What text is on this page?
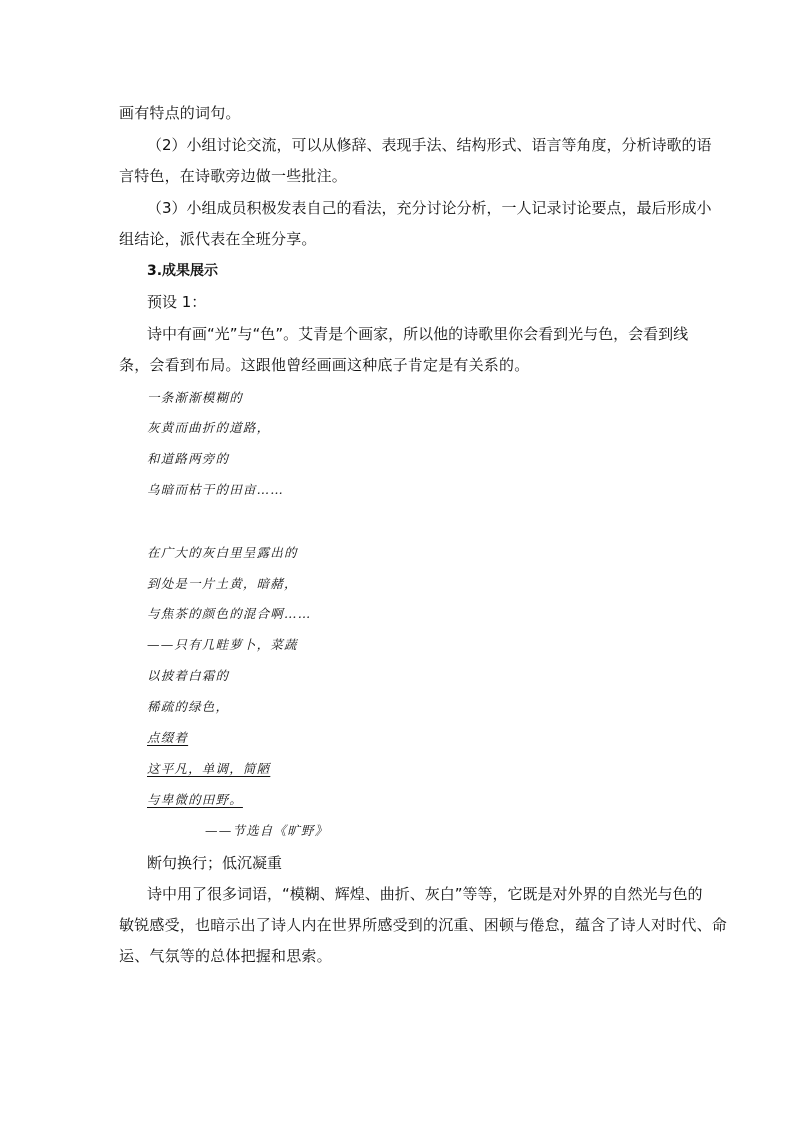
画有特点的词句。
（2）小组讨论交流，可以从修辞、表现手法、结构形式、语言等角度，分析诗歌的语
言特色，在诗歌旁边做一些批注。
（3）小组成员积极发表自己的看法，充分讨论分析，一人记录讨论要点，最后形成小
组结论，派代表在全班分享。
3.成果展示
预设 1：
诗中有画“光”与“色”。艾青是个画家，所以他的诗歌里你会看到光与色，会看到线
条，会看到布局。这跟他曾经画画这种底子肯定是有关系的。
一条渐渐模糊的
灰黄而曲折的道路，
和道路两旁的
乌暗而枯干的田亩……
在广大的灰白里呈露出的
到处是一片土黄，暗赭，
与焦茶的颜色的混合啊……
——只有几畦萝卜，菜蔬
以披着白霜的
稀疏的绿色，
点缀着
这平凡，单调，简陋
与卑微的田野。
——节选自《旷野》
断句换行；低沉凝重
诗中用了很多词语，“模糊、辉煌、曲折、灰白”等等，它既是对外界的自然光与色的
敏锐感受，也暗示出了诗人内在世界所感受到的沉重、困顿与倦怠，蕴含了诗人对时代、命
运、气氛等的总体把握和思索。
